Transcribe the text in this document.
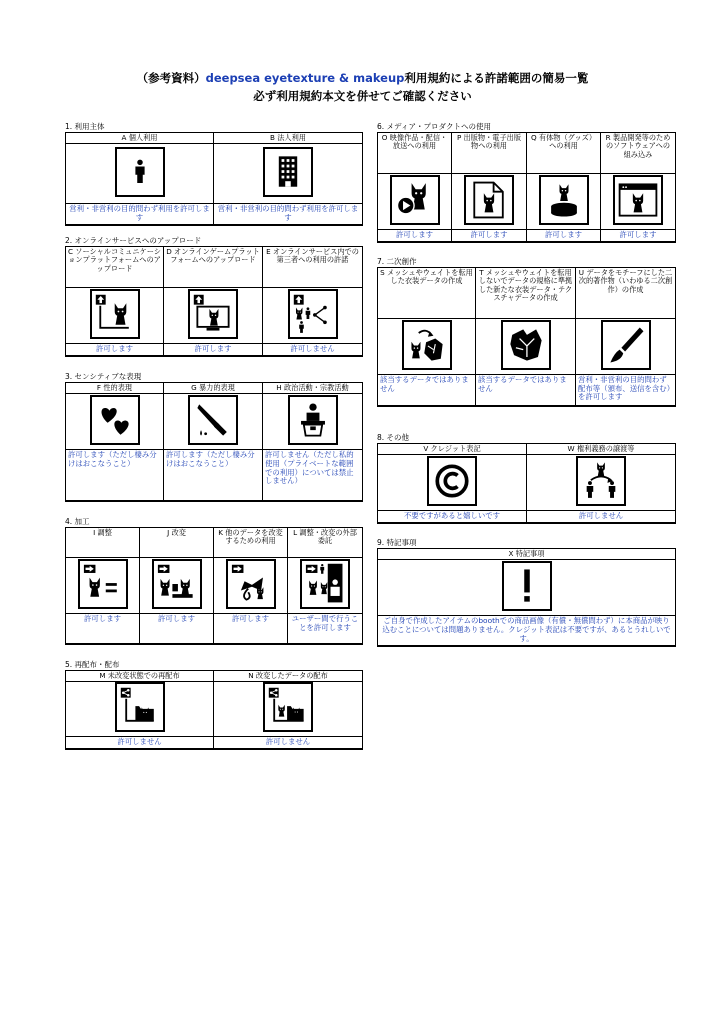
（参考資料）deepsea eyetexture & makeup利用規約による許諾範囲の簡易一覧
必ず利用規約本文を併せてご確認ください
1. 利用主体
A 個人利用	B 法人利用

営利・非営利の目的問わず利用を許可します	営利・非営利の目的問わず利用を許可します
2. オンラインサービスへのアップロード
C ソーシャルコミュニケーションプラットフォームへのアップロード	D オンラインゲームプラットフォームへのアップロード	E オンラインサービス内での第三者への利用の許諾

許可します	許可します	許可しません
3. センシティブな表現
F 性的表現	G 暴力的表現	H 政治活動・宗教活動

許可します（ただし棲み分けはおこなうこと）	許可します（ただし棲み分けはおこなうこと）	許可しません（ただし私的使用（プライベートな範囲での利用）については禁止しません）
4. 加工
I 調整	J 改変	K 他のデータを改変するための利用	L 調整・改変の外部委託

許可します	許可します	許可します	ユーザー間で行うことを許可します
5. 再配布・配布
M 未改変状態での再配布	N 改変したデータの配布

許可しません	許可しません
6. メディア・プロダクトへの使用
O 映像作品・配信・放送への利用	P 出版物・電子出版物への利用	Q 有体物（グッズ）への利用	R 製品開発等のためのソフトウェアへの組み込み

許可します	許可します	許可します	許可します
7. 二次創作
S メッシュやウェイトを転用した衣装データの作成	T メッシュやウェイトを転用しないでデータの規格に準拠した新たな衣装データ・テクスチャデータの作成	U データをモチーフにした二次的著作物（いわゆる二次創作）の作成

該当するデータではありません	該当するデータではありません	営利・非営利の目的問わず配布等（頒布、送信を含む）を許可します
8. その他
V クレジット表記	W 権利義務の譲渡等

不要ですがあると嬉しいです	許可しません
9. 特記事項
X 特記事項

ご自身で作成したアイテムのboothでの商品画像（有償・無償問わず）に本商品が映り込むことについては問題ありません。クレジット表記は不要ですが、あるとうれしいです。
